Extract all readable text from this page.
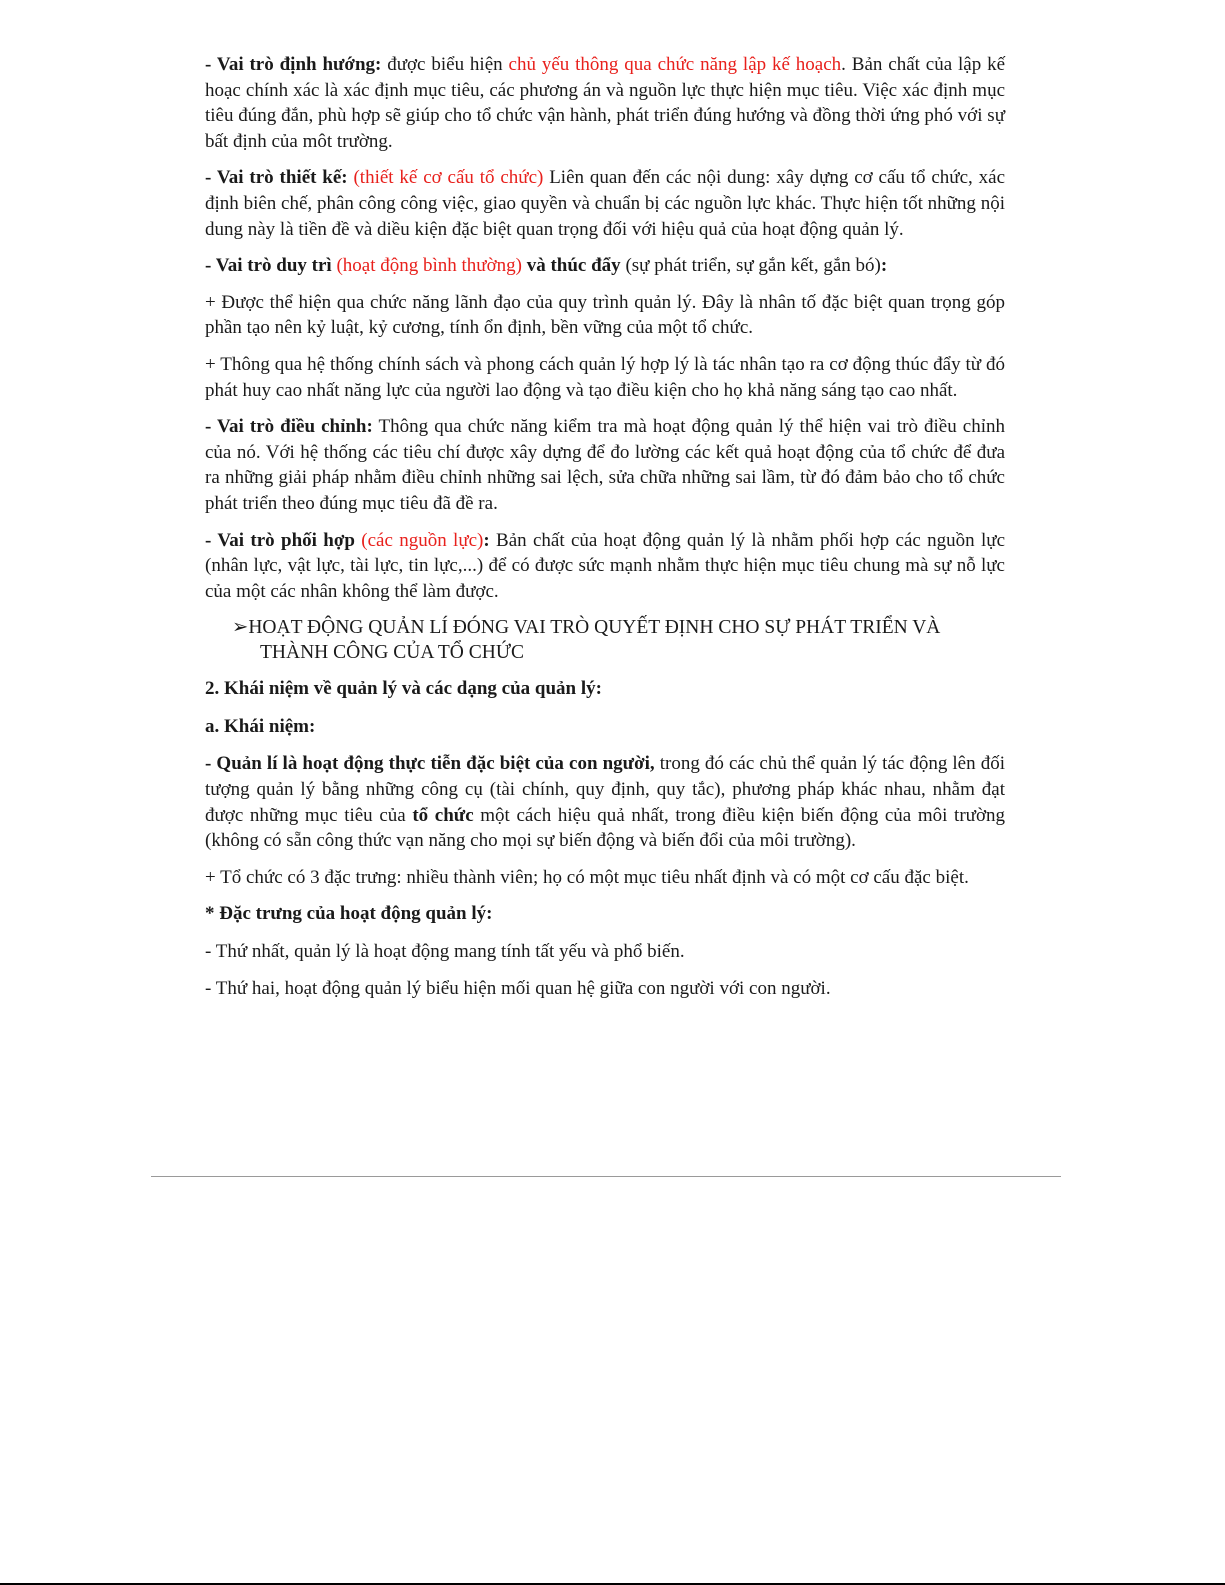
- Vai trò định hướng: được biểu hiện chủ yếu thông qua chức năng lập kế hoạch. Bản chất của lập kế hoạc chính xác là xác định mục tiêu, các phương án và nguồn lực thực hiện mục tiêu. Việc xác định mục tiêu đúng đắn, phù hợp sẽ giúp cho tổ chức vận hành, phát triển đúng hướng và đồng thời ứng phó với sự bất định của môt trường.

- Vai trò thiết kế: (thiết kế cơ cấu tổ chức) Liên quan đến các nội dung: xây dựng cơ cấu tổ chức, xác định biên chế, phân công công việc, giao quyền và chuẩn bị các nguồn lực khác. Thực hiện tốt những nội dung này là tiền đề và diều kiện đặc biệt quan trọng đối với hiệu quả của hoạt động quản lý.

- Vai trò duy trì (hoạt động bình thường) và thúc đẩy (sự phát triển, sự gắn kết, gắn bó):

+ Được thể hiện qua chức năng lãnh đạo của quy trình quản lý. Đây là nhân tố đặc biệt quan trọng góp phần tạo nên kỷ luật, kỷ cương, tính ổn định, bền vững của một tổ chức.

+ Thông qua hệ thống chính sách và phong cách quản lý hợp lý là tác nhân tạo ra cơ động thúc đẩy từ đó phát huy cao nhất năng lực của người lao động và tạo điều kiện cho họ khả năng sáng tạo cao nhất.

- Vai trò điều chỉnh: Thông qua chức năng kiểm tra mà hoạt động quản lý thể hiện vai trò điều chỉnh của nó. Với hệ thống các tiêu chí được xây dựng để đo lường các kết quả hoạt động của tổ chức để đưa ra những giải pháp nhằm điều chỉnh những sai lệch, sửa chữa những sai lầm, từ đó đảm bảo cho tổ chức phát triển theo đúng mục tiêu đã đề ra.

- Vai trò phối hợp (các nguồn lực): Bản chất của hoạt động quản lý là nhằm phối hợp các nguồn lực (nhân lực, vật lực, tài lực, tin lực,...) để có được sức mạnh nhằm thực hiện mục tiêu chung mà sự nỗ lực của một các nhân không thể làm được.

➢HOẠT ĐỘNG QUẢN LÍ ĐÓNG VAI TRÒ QUYẾT ĐỊNH CHO SỰ PHÁT TRIỂN VÀ
THÀNH CÔNG CỦA TỔ CHỨC

2. Khái niệm về quản lý và các dạng của quản lý:

a. Khái niệm:

- Quản lí là hoạt động thực tiễn đặc biệt của con người, trong đó các chủ thể quản lý tác động lên đối tượng quản lý bằng những công cụ (tài chính, quy định, quy tắc), phương pháp khác nhau, nhằm đạt được những mục tiêu của tổ chức một cách hiệu quả nhất, trong điều kiện biến động của môi trường (không có sẵn công thức vạn năng cho mọi sự biến động và biến đổi của môi trường).

+ Tổ chức có 3 đặc trưng: nhiều thành viên; họ có một mục tiêu nhất định và có một cơ cấu đặc biệt.

* Đặc trưng của hoạt động quản lý:

- Thứ nhất, quản lý là hoạt động mang tính tất yếu và phổ biến.

- Thứ hai, hoạt động quản lý biểu hiện mối quan hệ giữa con người với con người.
